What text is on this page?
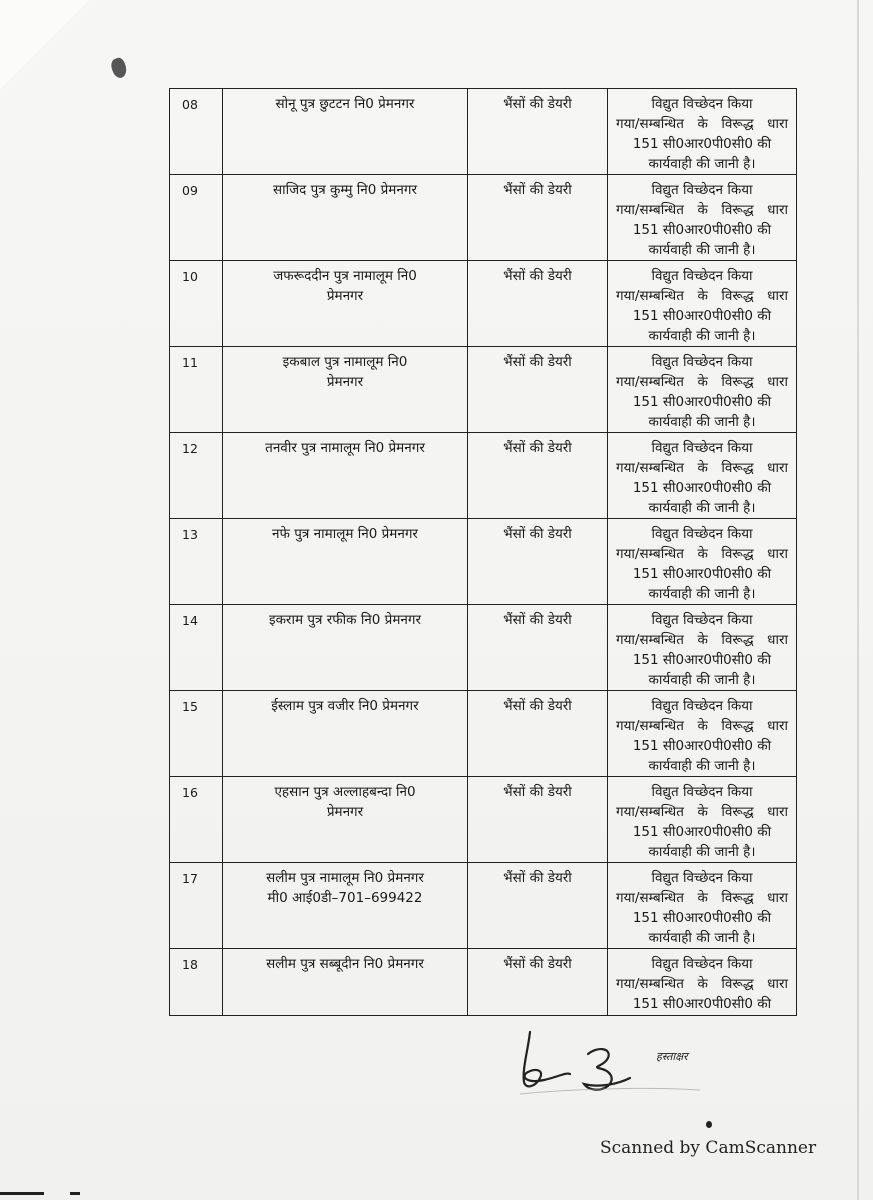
08	सोनू पुत्र छुटटन नि0 प्रेमनगर	भैंसों की डेयरी	विद्युत विच्छेदन किया
गया/सम्बन्धित के विरूद्ध धारा
151 सी0आर0पी0सी0 की
कार्यवाही की जानी है।

09	साजिद पुत्र कुम्मु नि0 प्रेमनगर	भैंसों की डेयरी	विद्युत विच्छेदन किया
गया/सम्बन्धित के विरूद्ध धारा
151 सी0आर0पी0सी0 की
कार्यवाही की जानी है।

10	जफरूददीन पुत्र नामालूम नि0
प्रेमनगर	भैंसों की डेयरी	विद्युत विच्छेदन किया
गया/सम्बन्धित के विरूद्ध धारा
151 सी0आर0पी0सी0 की
कार्यवाही की जानी है।

11	इकबाल पुत्र नामालूम नि0
प्रेमनगर	भैंसों की डेयरी	विद्युत विच्छेदन किया
गया/सम्बन्धित के विरूद्ध धारा
151 सी0आर0पी0सी0 की
कार्यवाही की जानी है।

12	तनवीर पुत्र नामालूम नि0 प्रेमनगर	भैंसों की डेयरी	विद्युत विच्छेदन किया
गया/सम्बन्धित के विरूद्ध धारा
151 सी0आर0पी0सी0 की
कार्यवाही की जानी है।

13	नफे पुत्र नामालूम नि0 प्रेमनगर	भैंसों की डेयरी	विद्युत विच्छेदन किया
गया/सम्बन्धित के विरूद्ध धारा
151 सी0आर0पी0सी0 की
कार्यवाही की जानी है।

14	इकराम पुत्र रफीक नि0 प्रेमनगर	भैंसों की डेयरी	विद्युत विच्छेदन किया
गया/सम्बन्धित के विरूद्ध धारा
151 सी0आर0पी0सी0 की
कार्यवाही की जानी है।

15	ईस्लाम पुत्र वजीर नि0 प्रेमनगर	भैंसों की डेयरी	विद्युत विच्छेदन किया
गया/सम्बन्धित के विरूद्ध धारा
151 सी0आर0पी0सी0 की
कार्यवाही की जानी है।

16	एहसान पुत्र अल्लाहबन्दा नि0
प्रेमनगर	भैंसों की डेयरी	विद्युत विच्छेदन किया
गया/सम्बन्धित के विरूद्ध धारा
151 सी0आर0पी0सी0 की
कार्यवाही की जानी है।

17	सलीम पुत्र नामालूम नि0 प्रेमनगर
मी0 आई0डी–701–699422	भैंसों की डेयरी	विद्युत विच्छेदन किया
गया/सम्बन्धित के विरूद्ध धारा
151 सी0आर0पी0सी0 की
कार्यवाही की जानी है।

18	सलीम पुत्र सब्बूदीन नि0 प्रेमनगर	भैंसों की डेयरी	विद्युत विच्छेदन किया
गया/सम्बन्धित के विरूद्ध धारा
151 सी0आर0पी0सी0 की
हस्ताक्षर
Scanned by CamScanner
